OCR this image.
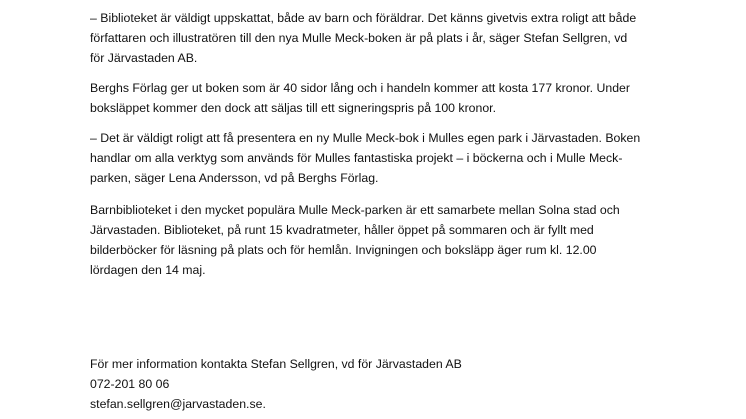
– Biblioteket är väldigt uppskattat, både av barn och föräldrar. Det känns givetvis extra roligt att både
författaren och illustratören till den nya Mulle Meck-boken är på plats i år, säger Stefan Sellgren, vd
för Järvastaden AB.

Berghs Förlag ger ut boken som är 40 sidor lång och i handeln kommer att kosta 177 kronor. Under
boksläppet kommer den dock att säljas till ett signeringspris på 100 kronor.

– Det är väldigt roligt att få presentera en ny Mulle Meck-bok i Mulles egen park i Järvastaden. Boken
handlar om alla verktyg som används för Mulles fantastiska projekt – i böckerna och i Mulle Meck-
parken, säger Lena Andersson, vd på Berghs Förlag.

Barnbiblioteket i den mycket populära Mulle Meck-parken är ett samarbete mellan Solna stad och
Järvastaden. Biblioteket, på runt 15 kvadratmeter, håller öppet på sommaren och är fyllt med
bilderböcker för läsning på plats och för hemlån. Invigningen och boksläpp äger rum kl. 12.00
lördagen den 14 maj.

För mer information kontakta Stefan Sellgren, vd för Järvastaden AB
072-201 80 06
stefan.sellgren@jarvastaden.se.
